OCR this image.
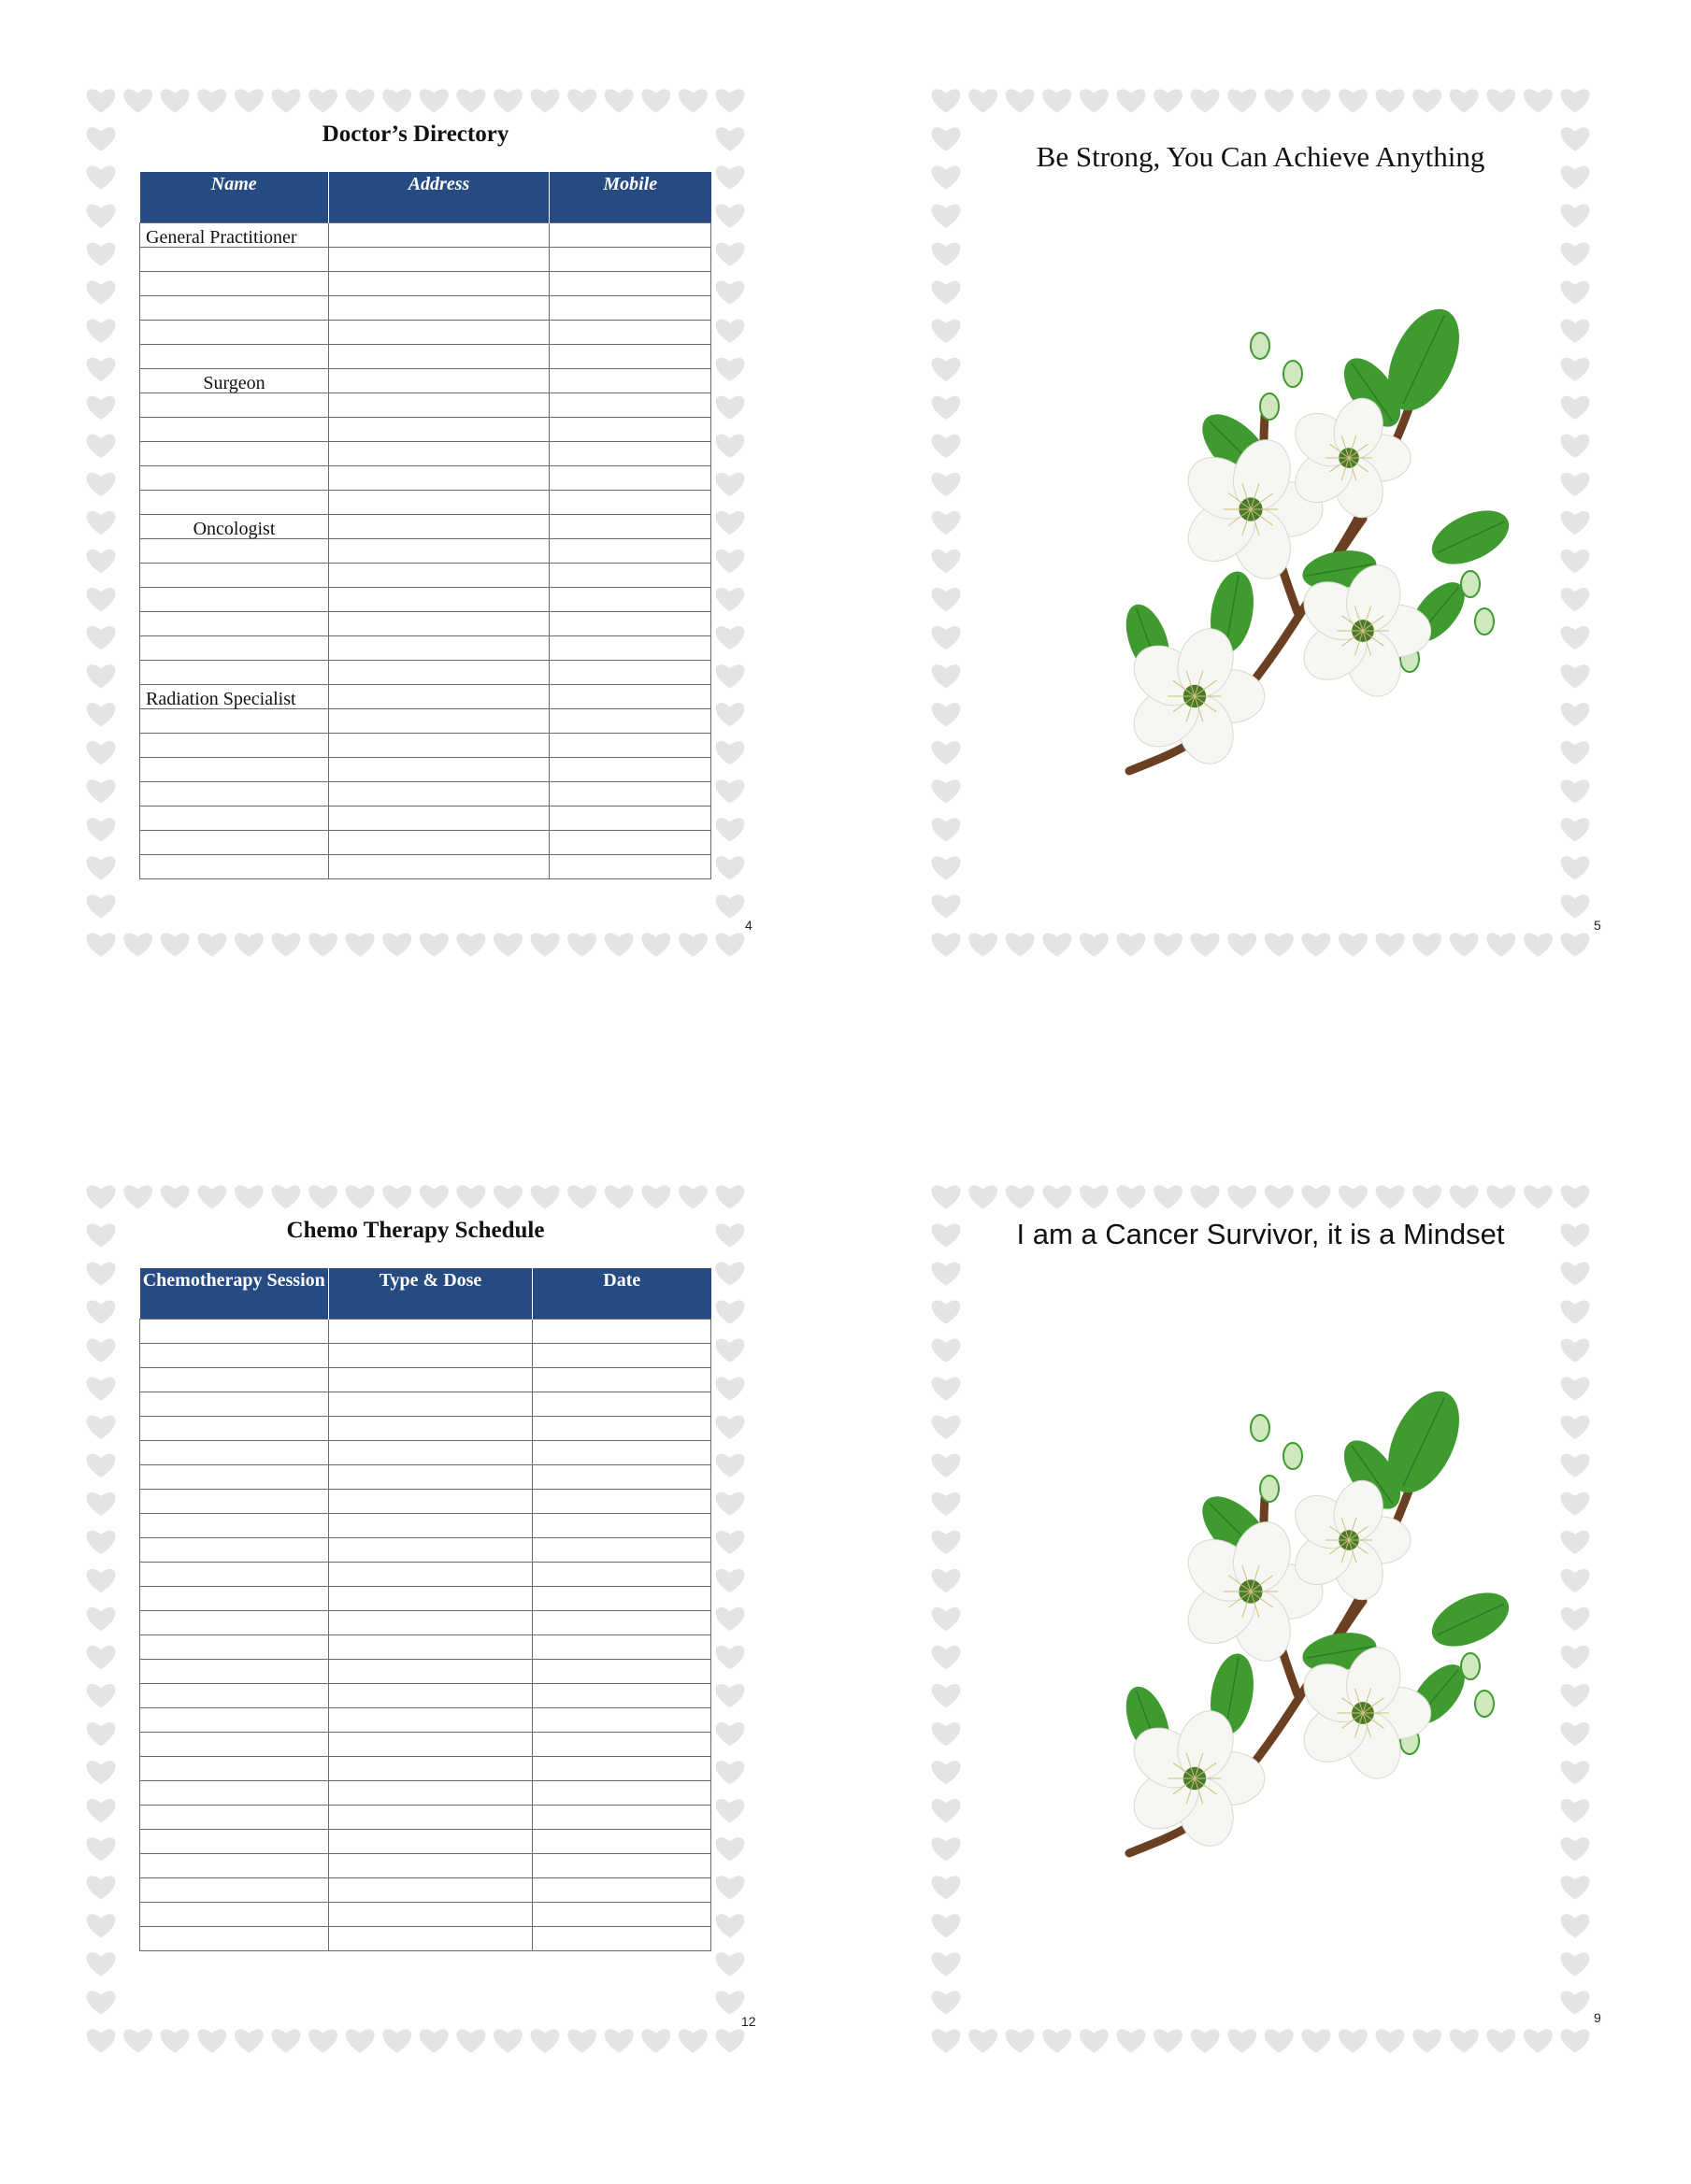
Doctor’s Directory
Name	Address	Mobile
General Practitioner		

Surgeon		

Oncologist		

Radiation Specialist		

4
Be Strong, You Can Achieve Anything
5
Chemo Therapy Schedule
Chemotherapy Session	Type & Dose	Date

12
I am a Cancer Survivor, it is a Mindset
9
